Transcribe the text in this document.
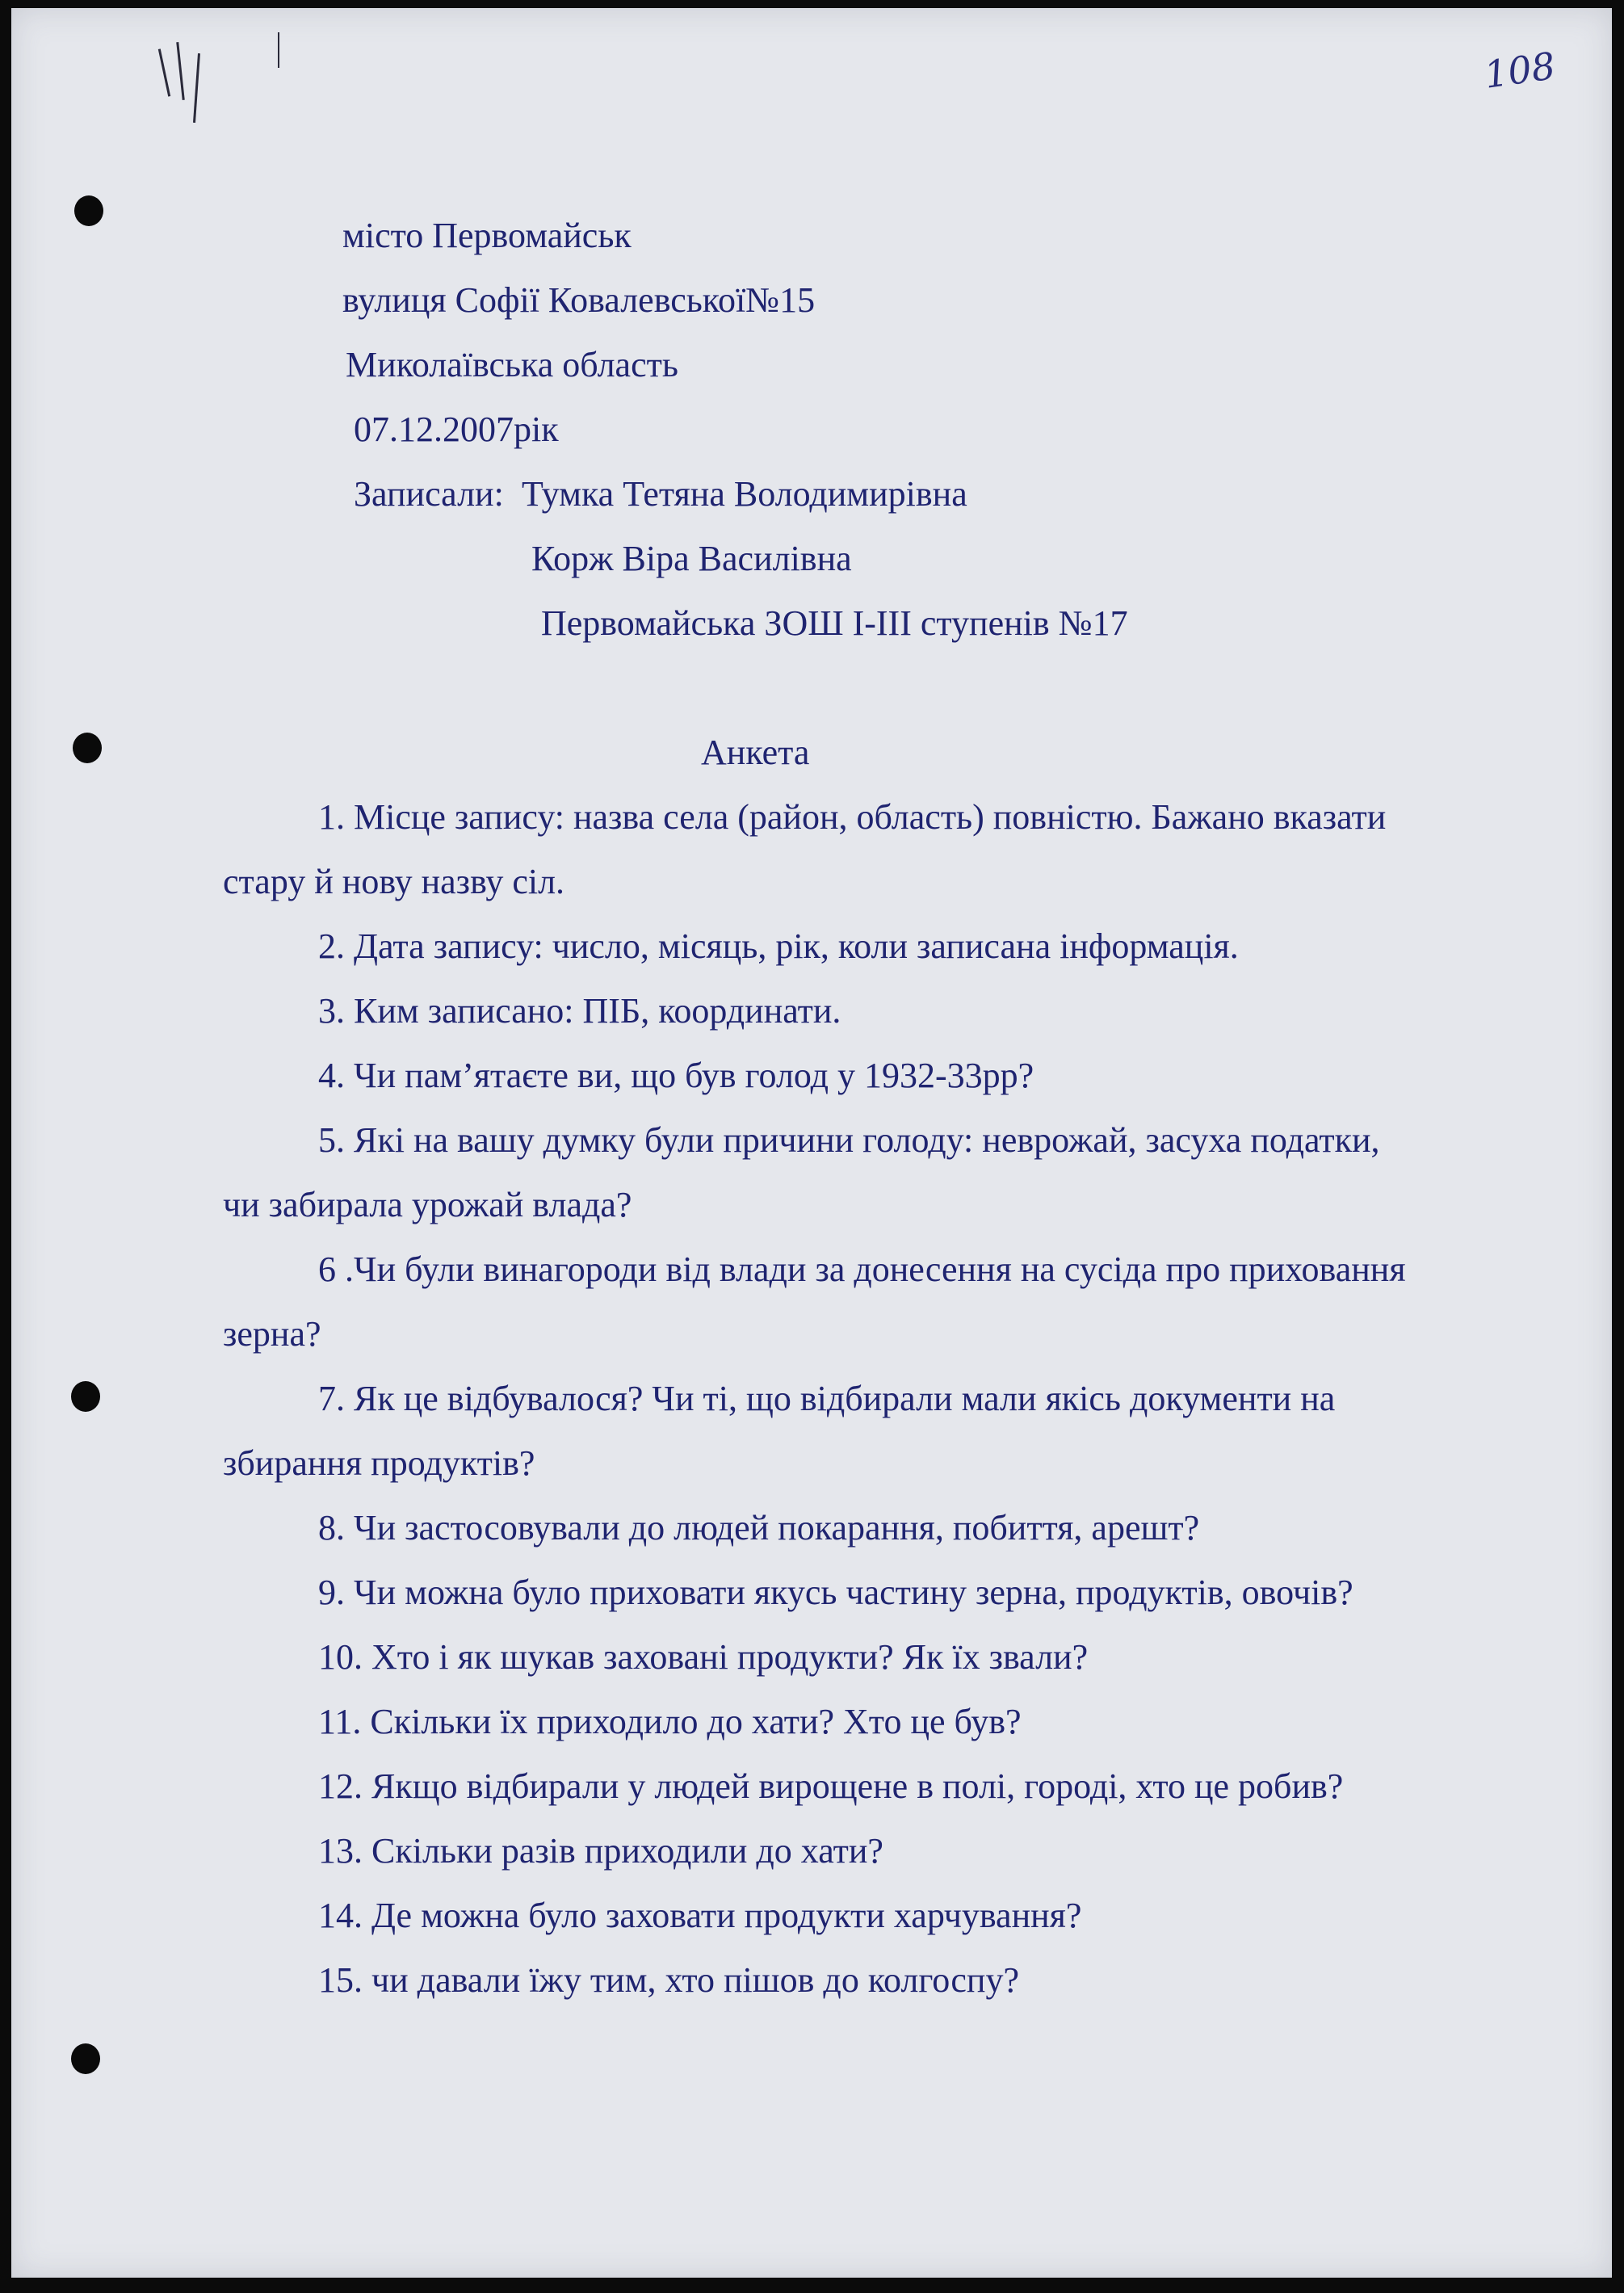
108
місто Первомайськ
вулиця Софії Ковалевської№15
Миколаївська область
07.12.2007рік
Записали: Тумка Тетяна Володимирівна
Корж Віра Василівна
Первомайська ЗОШ І-ІІІ ступенів №17
Анкета
1. Місце запису: назва села (район, область) повністю. Бажано вказати
стару й нову назву сіл.
2. Дата запису: число, місяць, рік, коли записана інформація.
3. Ким записано: ПІБ, координати.
4. Чи пам’ятаєте ви, що був голод у 1932-33рр?
5. Які на вашу думку були причини голоду: неврожай, засуха податки,
чи забирала урожай влада?
6 .Чи були винагороди від влади за донесення на сусіда про приховання
зерна?
7. Як це відбувалося? Чи ті, що відбирали мали якісь документи на
збирання продуктів?
8. Чи застосовували до людей покарання, побиття, арешт?
9. Чи можна було приховати якусь частину зерна, продуктів, овочів?
10. Хто і як шукав заховані продукти? Як їх звали?
11. Скільки їх приходило до хати? Хто це був?
12. Якщо відбирали у людей вирощене в полі, городі, хто це робив?
13. Скільки разів приходили до хати?
14. Де можна було заховати продукти харчування?
15. чи давали їжу тим, хто пішов до колгоспу?
